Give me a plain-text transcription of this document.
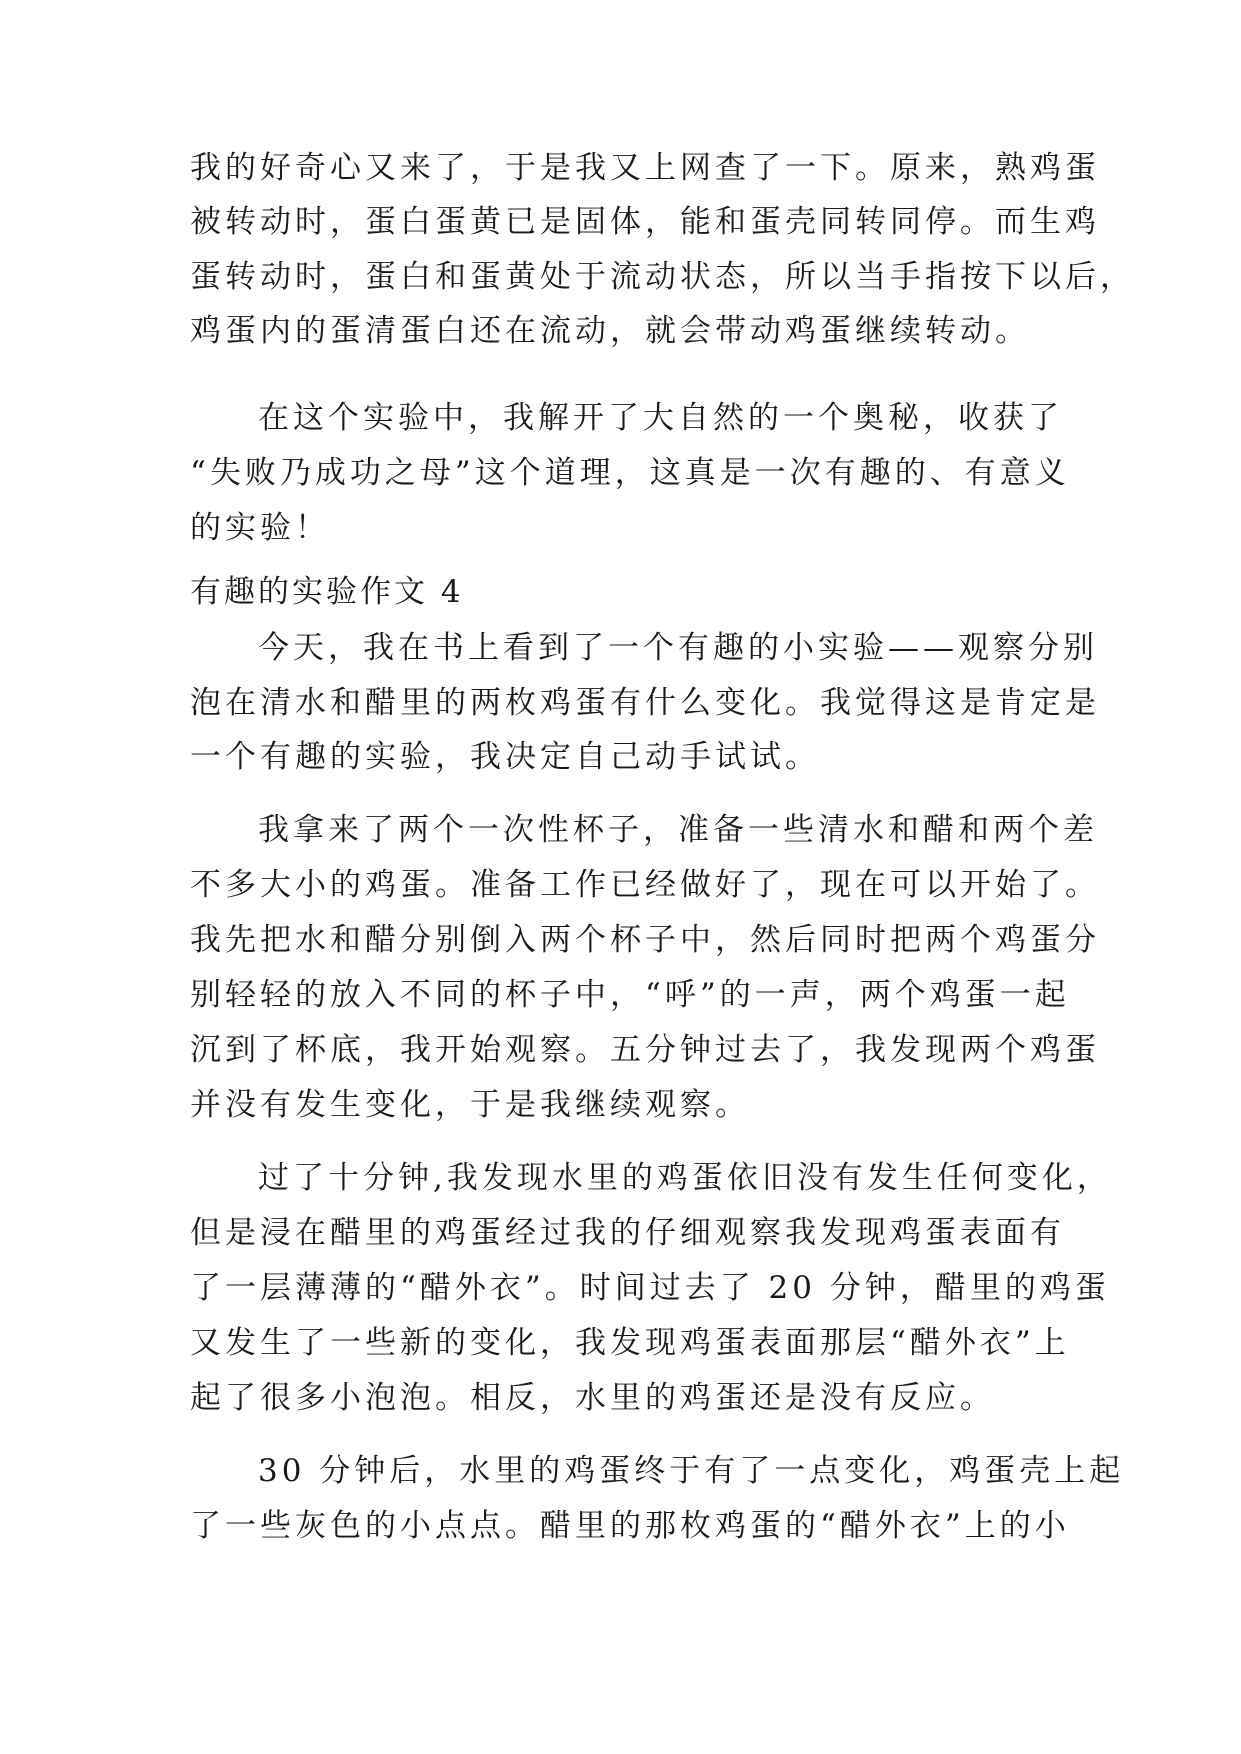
我的好奇心又来了，于是我又上网查了一下。原来，熟鸡蛋
被转动时，蛋白蛋黄已是固体，能和蛋壳同转同停。而生鸡
蛋转动时，蛋白和蛋黄处于流动状态，所以当手指按下以后，
鸡蛋内的蛋清蛋白还在流动，就会带动鸡蛋继续转动。
在这个实验中，我解开了大自然的一个奥秘，收获了
“失败乃成功之母”这个道理，这真是一次有趣的、有意义
的实验！
有趣的实验作文 4
今天，我在书上看到了一个有趣的小实验——观察分别
泡在清水和醋里的两枚鸡蛋有什么变化。我觉得这是肯定是
一个有趣的实验，我决定自己动手试试。
我拿来了两个一次性杯子，准备一些清水和醋和两个差
不多大小的鸡蛋。准备工作已经做好了，现在可以开始了。
我先把水和醋分别倒入两个杯子中，然后同时把两个鸡蛋分
别轻轻的放入不同的杯子中，“呼”的一声，两个鸡蛋一起
沉到了杯底，我开始观察。五分钟过去了，我发现两个鸡蛋
并没有发生变化，于是我继续观察。
过了十分钟,我发现水里的鸡蛋依旧没有发生任何变化，
但是浸在醋里的鸡蛋经过我的仔细观察我发现鸡蛋表面有
了一层薄薄的“醋外衣”。时间过去了 20 分钟，醋里的鸡蛋
又发生了一些新的变化，我发现鸡蛋表面那层“醋外衣”上
起了很多小泡泡。相反，水里的鸡蛋还是没有反应。
30 分钟后，水里的鸡蛋终于有了一点变化，鸡蛋壳上起
了一些灰色的小点点。醋里的那枚鸡蛋的“醋外衣”上的小
